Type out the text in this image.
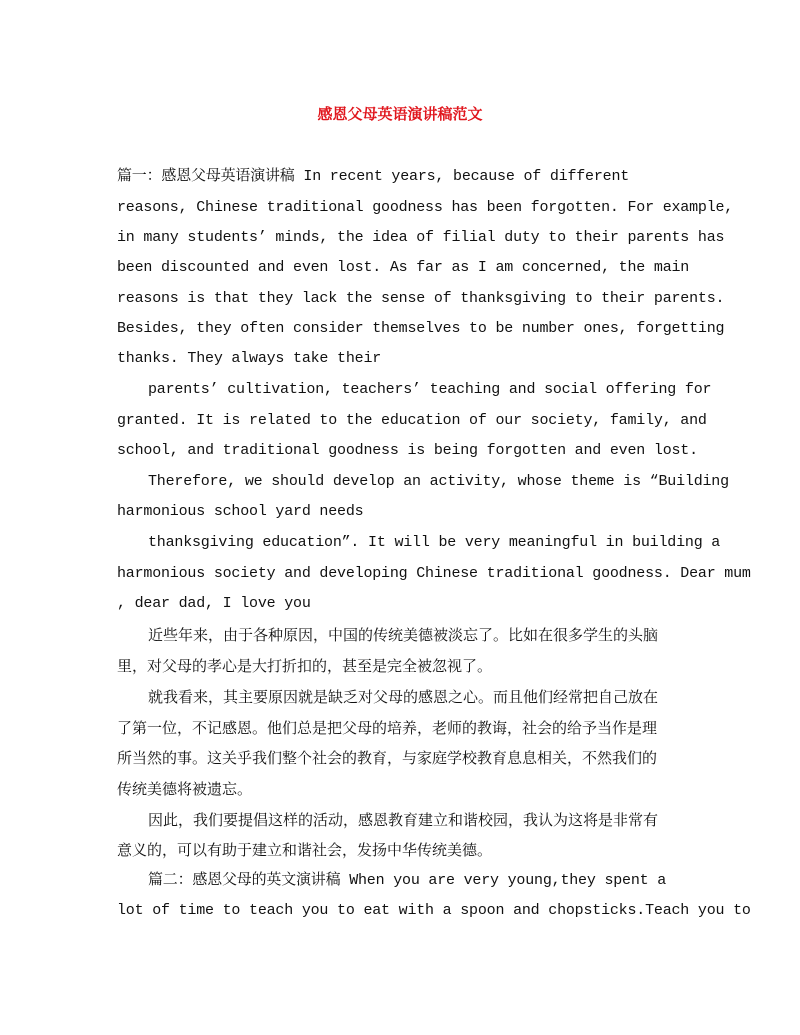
感恩父母英语演讲稿范文

篇一：感恩父母英语演讲稿 In recent years, because of different

reasons, Chinese traditional goodness has been forgotten. For example,

in many students’ minds, the idea of filial duty to their parents has

been discounted and even lost. As far as I am concerned, the main

reasons is that they lack the sense of thanksgiving to their parents.

Besides, they often consider themselves to be number ones, forgetting

thanks. They always take their

parents’ cultivation, teachers’ teaching and social offering for

granted. It is related to the education of our society, family, and

school, and traditional goodness is being forgotten and even lost.

Therefore, we should develop an activity, whose theme is “Building

harmonious school yard needs

thanksgiving education”. It will be very meaningful in building a

harmonious society and developing Chinese traditional goodness. Dear mum

, dear dad, I love you

近些年来，由于各种原因，中国的传统美德被淡忘了。比如在很多学生的头脑

里，对父母的孝心是大打折扣的，甚至是完全被忽视了。

就我看来，其主要原因就是缺乏对父母的感恩之心。而且他们经常把自己放在

了第一位，不记感恩。他们总是把父母的培养，老师的教诲，社会的给予当作是理

所当然的事。这关乎我们整个社会的教育，与家庭学校教育息息相关，不然我们的

传统美德将被遗忘。

因此，我们要提倡这样的活动，感恩教育建立和谐校园，我认为这将是非常有

意义的，可以有助于建立和谐社会，发扬中华传统美德。

篇二：感恩父母的英文演讲稿 When you are very young,they spent a

lot of time to teach you to eat with a spoon and chopsticks.Teach you to
